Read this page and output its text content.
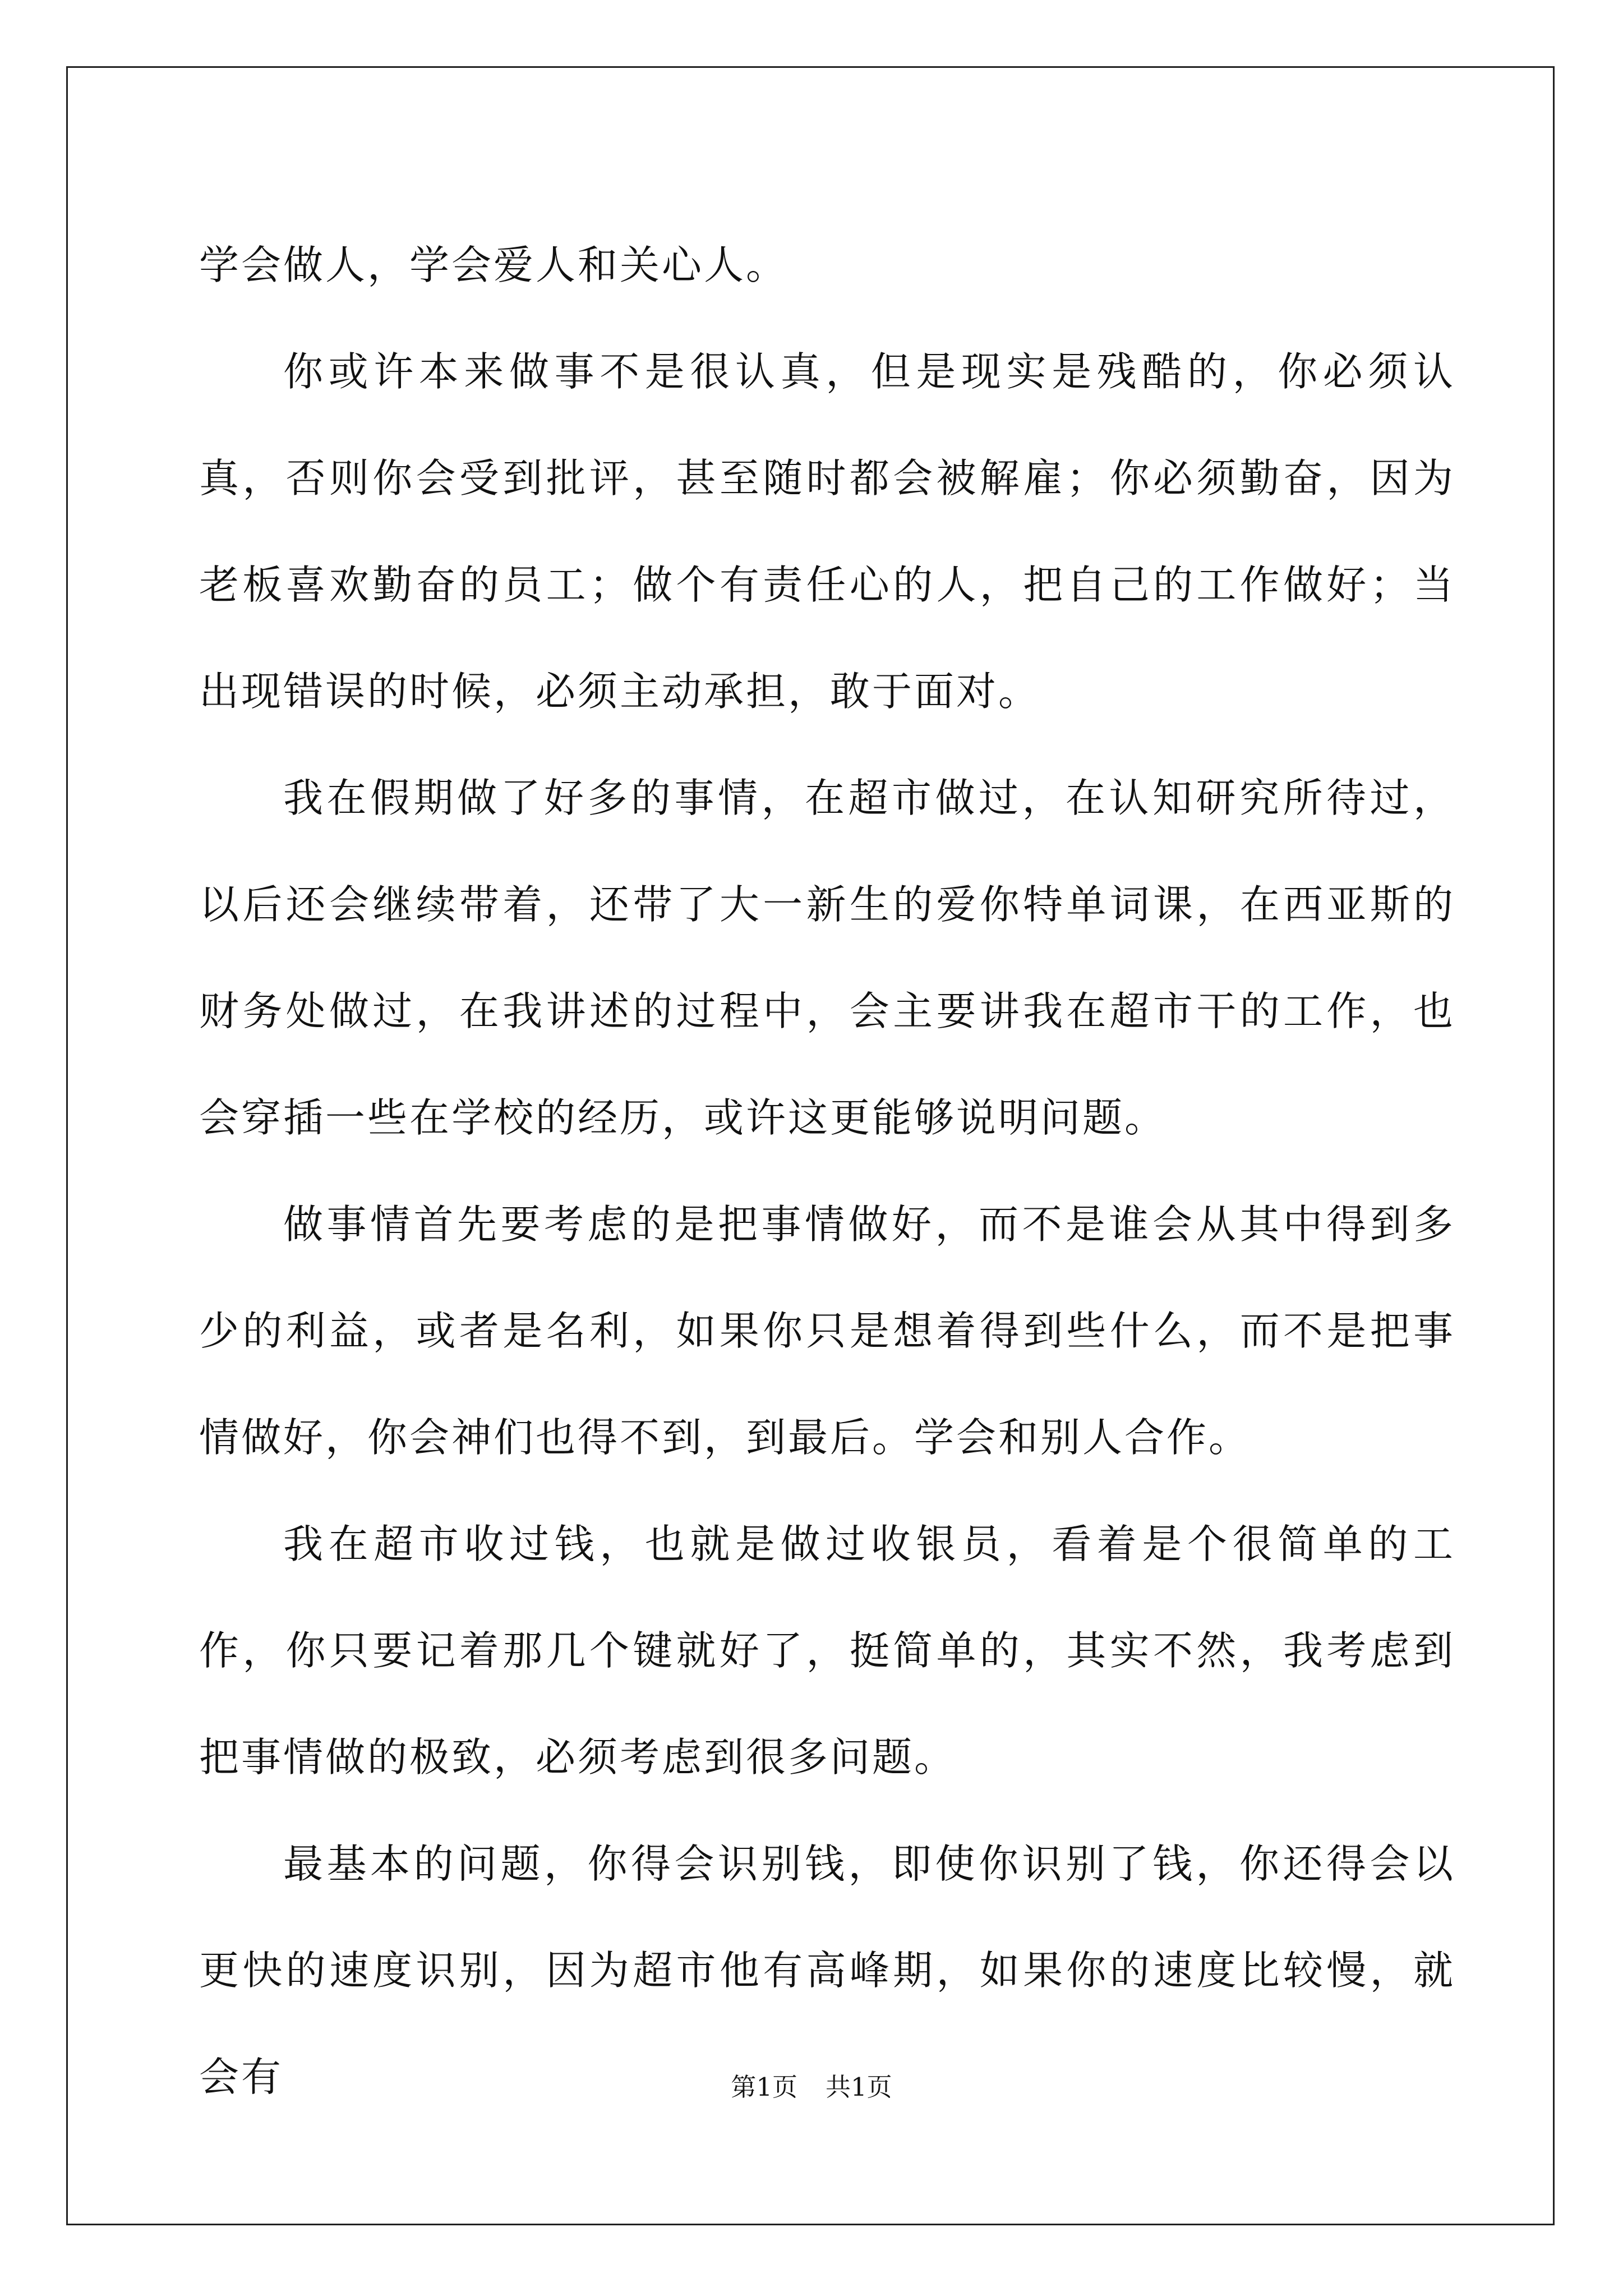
学会做人，学会爱人和关心人。

你或许本来做事不是很认真，但是现实是残酷的，你必须认真，否则你会受到批评，甚至随时都会被解雇；你必须勤奋，因为老板喜欢勤奋的员工；做个有责任心的人，把自己的工作做好；当出现错误的时候，必须主动承担，敢于面对。

我在假期做了好多的事情，在超市做过，在认知研究所待过，以后还会继续带着，还带了大一新生的爱你特单词课，在西亚斯的财务处做过，在我讲述的过程中，会主要讲我在超市干的工作，也会穿插一些在学校的经历，或许这更能够说明问题。

做事情首先要考虑的是把事情做好，而不是谁会从其中得到多少的利益，或者是名利，如果你只是想着得到些什么，而不是把事情做好，你会神们也得不到，到最后。学会和别人合作。

我在超市收过钱，也就是做过收银员，看着是个很简单的工作，你只要记着那几个键就好了，挺简单的，其实不然，我考虑到把事情做的极致，必须考虑到很多问题。

最基本的问题，你得会识别钱，即使你识别了钱，你还得会以更快的速度识别，因为超市他有高峰期，如果你的速度比较慢，就会有	第1页 共1页
